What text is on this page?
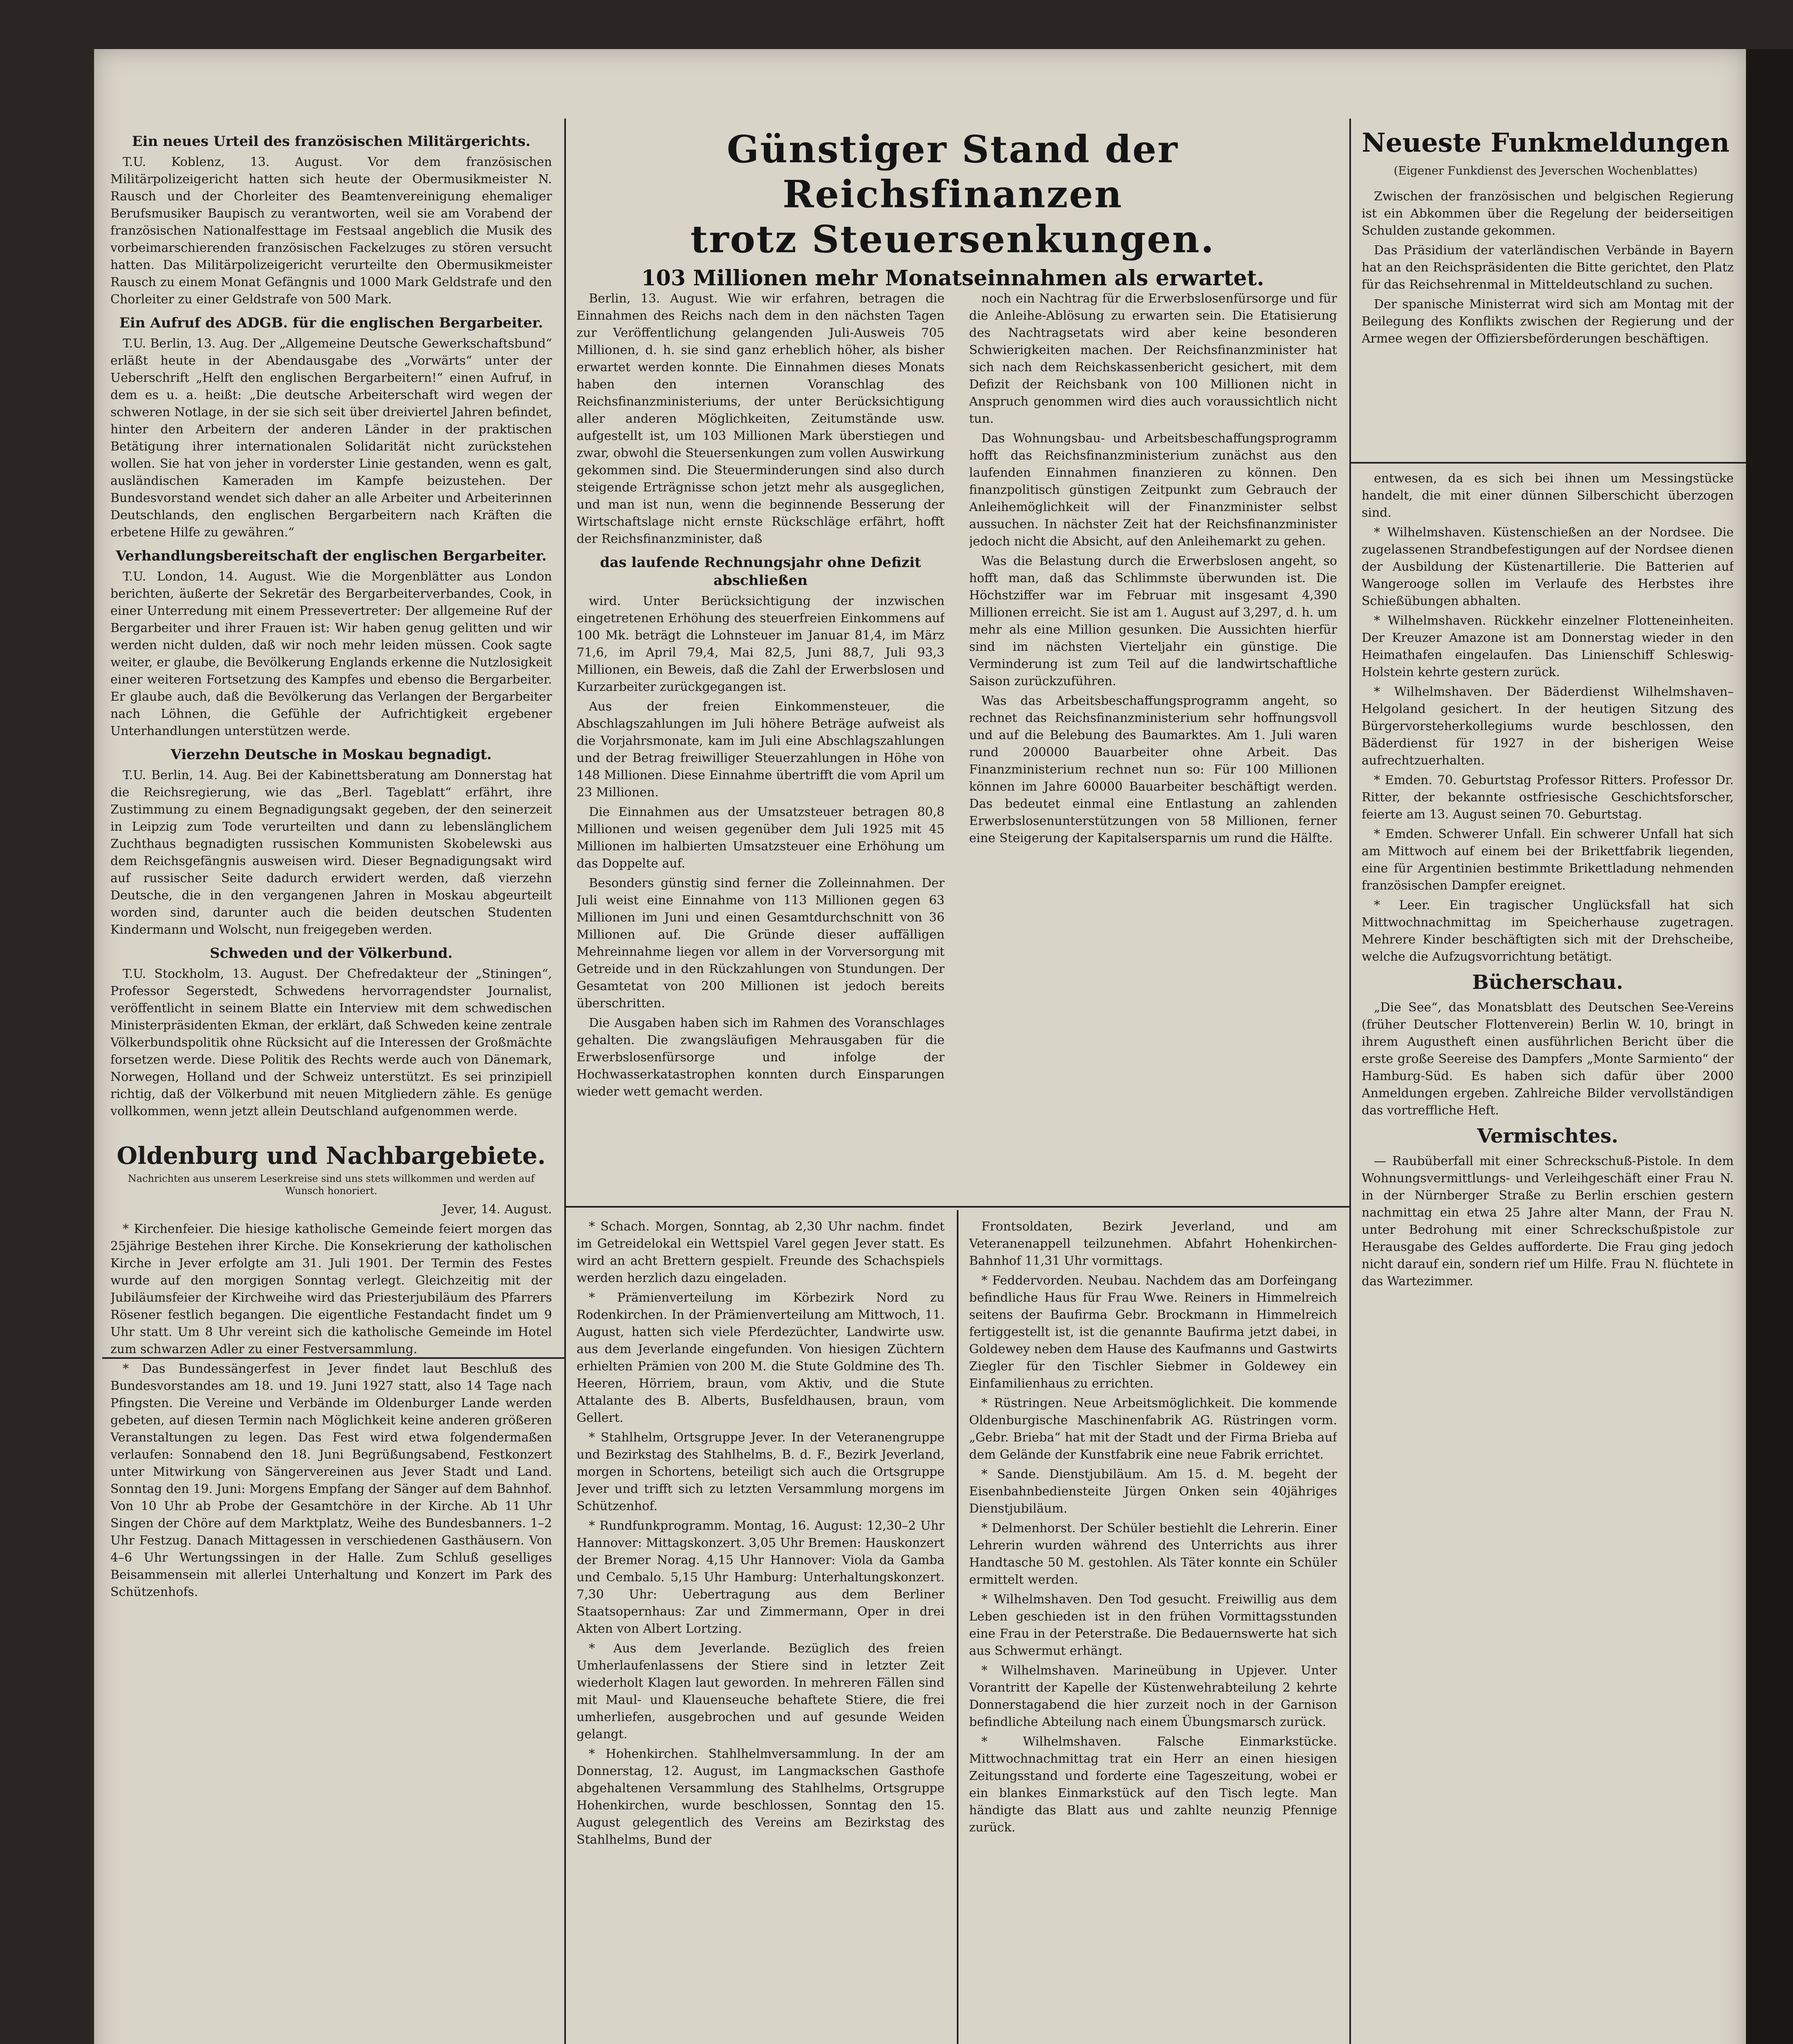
Ein neues Urteil des französischen Militärgerichts.

T.U. Koblenz, 13. August. Vor dem französischen Militärpolizeigericht hatten sich heute der Obermusikmeister N. Rausch und der Chorleiter des Beamtenvereinigung ehemaliger Berufsmusiker Baupisch zu verantworten, weil sie am Vorabend der französischen Nationalfesttage im Festsaal angeblich die Musik des vorbeimarschierenden französischen Fackelzuges zu stören versucht hatten. Das Militärpolizeigericht verurteilte den Obermusikmeister Rausch zu einem Monat Gefängnis und 1000 Mark Geldstrafe und den Chorleiter zu einer Geldstrafe von 500 Mark.

Ein Aufruf des ADGB. für die englischen Bergarbeiter.

T.U. Berlin, 13. Aug. Der „Allgemeine Deutsche Gewerkschaftsbund“ erläßt heute in der Abendausgabe des „Vorwärts“ unter der Ueberschrift „Helft den englischen Bergarbeitern!“ einen Aufruf, in dem es u. a. heißt: „Die deutsche Arbeiterschaft wird wegen der schweren Notlage, in der sie sich seit über dreiviertel Jahren befindet, hinter den Arbeitern der anderen Länder in der praktischen Betätigung ihrer internationalen Solidarität nicht zurückstehen wollen. Sie hat von jeher in vorderster Linie gestanden, wenn es galt, ausländischen Kameraden im Kampfe beizustehen. Der Bundesvorstand wendet sich daher an alle Arbeiter und Arbeiterinnen Deutschlands, den englischen Bergarbeitern nach Kräften die erbetene Hilfe zu gewähren.“

Verhandlungsbereitschaft der englischen Bergarbeiter.

T.U. London, 14. August. Wie die Morgenblätter aus London berichten, äußerte der Sekretär des Bergarbeiterverbandes, Cook, in einer Unterredung mit einem Pressevertreter: Der allgemeine Ruf der Bergarbeiter und ihrer Frauen ist: Wir haben genug gelitten und wir werden nicht dulden, daß wir noch mehr leiden müssen. Cook sagte weiter, er glaube, die Bevölkerung Englands erkenne die Nutzlosigkeit einer weiteren Fortsetzung des Kampfes und ebenso die Bergarbeiter. Er glaube auch, daß die Bevölkerung das Verlangen der Bergarbeiter nach Löhnen, die Gefühle der Aufrichtigkeit ergebener Unterhandlungen unterstützen werde.

Vierzehn Deutsche in Moskau begnadigt.

T.U. Berlin, 14. Aug. Bei der Kabinettsberatung am Donnerstag hat die Reichsregierung, wie das „Berl. Tageblatt“ erfährt, ihre Zustimmung zu einem Begnadigungsakt gegeben, der den seinerzeit in Leipzig zum Tode verurteilten und dann zu lebenslänglichem Zuchthaus begnadigten russischen Kommunisten Skobelewski aus dem Reichsgefängnis ausweisen wird. Dieser Begnadigungsakt wird auf russischer Seite dadurch erwidert werden, daß vierzehn Deutsche, die in den vergangenen Jahren in Moskau abgeurteilt worden sind, darunter auch die beiden deutschen Studenten Kindermann und Wolscht, nun freigegeben werden.

Schweden und der Völkerbund.

T.U. Stockholm, 13. August. Der Chefredakteur der „Stiningen“, Professor Segerstedt, Schwedens hervorragendster Journalist, veröffentlicht in seinem Blatte ein Interview mit dem schwedischen Ministerpräsidenten Ekman, der erklärt, daß Schweden keine zentrale Völkerbundspolitik ohne Rücksicht auf die Interessen der Großmächte forsetzen werde. Diese Politik des Rechts werde auch von Dänemark, Norwegen, Holland und der Schweiz unterstützt. Es sei prinzipiell richtig, daß der Völkerbund mit neuen Mitgliedern zähle. Es genüge vollkommen, wenn jetzt allein Deutschland aufgenommen werde.

Oldenburg und Nachbargebiete.

Nachrichten aus unserem Leserkreise sind uns stets willkommen und werden auf Wunsch honoriert.

Jever, 14. August.

* Kirchenfeier. Die hiesige katholische Gemeinde feiert morgen das 25jährige Bestehen ihrer Kirche. Die Konsekrierung der katholischen Kirche in Jever erfolgte am 31. Juli 1901. Der Termin des Festes wurde auf den morgigen Sonntag verlegt. Gleichzeitig mit der Jubiläumsfeier der Kirchweihe wird das Priesterjubiläum des Pfarrers Rösener festlich begangen. Die eigentliche Festandacht findet um 9 Uhr statt. Um 8 Uhr vereint sich die katholische Gemeinde im Hotel zum schwarzen Adler zu einer Festversammlung.

* Das Bundessängerfest in Jever findet laut Beschluß des Bundesvorstandes am 18. und 19. Juni 1927 statt, also 14 Tage nach Pfingsten. Die Vereine und Verbände im Oldenburger Lande werden gebeten, auf diesen Termin nach Möglichkeit keine anderen größeren Veranstaltungen zu legen. Das Fest wird etwa folgendermaßen verlaufen: Sonnabend den 18. Juni Begrüßungsabend, Festkonzert unter Mitwirkung von Sängervereinen aus Jever Stadt und Land. Sonntag den 19. Juni: Morgens Empfang der Sänger auf dem Bahnhof. Von 10 Uhr ab Probe der Gesamtchöre in der Kirche. Ab 11 Uhr Singen der Chöre auf dem Marktplatz, Weihe des Bundesbanners. 1–2 Uhr Festzug. Danach Mittagessen in verschiedenen Gasthäusern. Von 4–6 Uhr Wertungssingen in der Halle. Zum Schluß geselliges Beisammensein mit allerlei Unterhaltung und Konzert im Park des Schützenhofs.

Günstiger Stand der Reichsfinanzen
trotz Steuersenkungen.
103 Millionen mehr Monatseinnahmen als erwartet.

Berlin, 13. August. Wie wir erfahren, betragen die Einnahmen des Reichs nach dem in den nächsten Tagen zur Veröffentlichung gelangenden Juli-Ausweis 705 Millionen, d. h. sie sind ganz erheblich höher, als bisher erwartet werden konnte. Die Einnahmen dieses Monats haben den internen Voranschlag des Reichsfinanzministeriums, der unter Berücksichtigung aller anderen Möglichkeiten, Zeitumstände usw. aufgestellt ist, um 103 Millionen Mark überstiegen und zwar, obwohl die Steuersenkungen zum vollen Auswirkung gekommen sind. Die Steuerminderungen sind also durch steigende Erträgnisse schon jetzt mehr als ausgeglichen, und man ist nun, wenn die beginnende Besserung der Wirtschaftslage nicht ernste Rückschläge erfährt, hofft der Reichsfinanzminister, daß

das laufende Rechnungsjahr ohne Defizit abschließen

wird. Unter Berücksichtigung der inzwischen eingetretenen Erhöhung des steuerfreien Einkommens auf 100 Mk. beträgt die Lohnsteuer im Januar 81,4, im März 71,6, im April 79,4, Mai 82,5, Juni 88,7, Juli 93,3 Millionen, ein Beweis, daß die Zahl der Erwerbslosen und Kurzarbeiter zurückgegangen ist.

Aus der freien Einkommensteuer, die Abschlagszahlungen im Juli höhere Beträge aufweist als die Vorjahrsmonate, kam im Juli eine Abschlagszahlungen und der Betrag freiwilliger Steuerzahlungen in Höhe von 148 Millionen. Diese Einnahme übertrifft die vom April um 23 Millionen.

Die Einnahmen aus der Umsatzsteuer betragen 80,8 Millionen und weisen gegenüber dem Juli 1925 mit 45 Millionen im halbierten Umsatzsteuer eine Erhöhung um das Doppelte auf.

Besonders günstig sind ferner die Zolleinnahmen. Der Juli weist eine Einnahme von 113 Millionen gegen 63 Millionen im Juni und einen Gesamtdurchschnitt von 36 Millionen auf. Die Gründe dieser auffälligen Mehreinnahme liegen vor allem in der Vorversorgung mit Getreide und in den Rückzahlungen von Stundungen. Der Gesamtetat von 200 Millionen ist jedoch bereits überschritten.

Die Ausgaben haben sich im Rahmen des Voranschlages gehalten. Die zwangsläufigen Mehrausgaben für die Erwerbslosenfürsorge und infolge der Hochwasserkatastrophen konnten durch Einsparungen wieder wett gemacht werden.

noch ein Nachtrag für die Erwerbslosenfürsorge und für die Anleihe-Ablösung zu erwarten sein. Die Etatisierung des Nachtragsetats wird aber keine besonderen Schwierigkeiten machen. Der Reichsfinanzminister hat sich nach dem Reichskassenbericht gesichert, mit dem Defizit der Reichsbank von 100 Millionen nicht in Anspruch genommen wird dies auch voraussichtlich nicht tun.

Das Wohnungsbau- und Arbeitsbeschaffungsprogramm hofft das Reichsfinanzministerium zunächst aus den laufenden Einnahmen finanzieren zu können. Den finanzpolitisch günstigen Zeitpunkt zum Gebrauch der Anleihemöglichkeit will der Finanzminister selbst aussuchen. In nächster Zeit hat der Reichsfinanzminister jedoch nicht die Absicht, auf den Anleihemarkt zu gehen.

Was die Belastung durch die Erwerbslosen angeht, so hofft man, daß das Schlimmste überwunden ist. Die Höchstziffer war im Februar mit insgesamt 4,390 Millionen erreicht. Sie ist am 1. August auf 3,297, d. h. um mehr als eine Million gesunken. Die Aussichten hierfür sind im nächsten Vierteljahr ein günstige. Die Verminderung ist zum Teil auf die landwirtschaftliche Saison zurückzuführen.

Was das Arbeitsbeschaffungsprogramm angeht, so rechnet das Reichsfinanzministerium sehr hoffnungsvoll und auf die Belebung des Baumarktes. Am 1. Juli waren rund 200000 Bauarbeiter ohne Arbeit. Das Finanzministerium rechnet nun so: Für 100 Millionen können im Jahre 60000 Bauarbeiter beschäftigt werden. Das bedeutet einmal eine Entlastung an zahlenden Erwerbslosenunterstützungen von 58 Millionen, ferner eine Steigerung der Kapitalsersparnis um rund die Hälfte.

* Schach. Morgen, Sonntag, ab 2,30 Uhr nachm. findet im Getreidelokal ein Wettspiel Varel gegen Jever statt. Es wird an acht Brettern gespielt. Freunde des Schachspiels werden herzlich dazu eingeladen.

* Prämienverteilung im Körbezirk Nord zu Rodenkirchen. In der Prämienverteilung am Mittwoch, 11. August, hatten sich viele Pferdezüchter, Landwirte usw. aus dem Jeverlande eingefunden. Von hiesigen Züchtern erhielten Prämien von 200 M. die Stute Goldmine des Th. Heeren, Hörriem, braun, vom Aktiv, und die Stute Attalante des B. Alberts, Busfeldhausen, braun, vom Gellert.

* Stahlhelm, Ortsgruppe Jever. In der Veteranengruppe und Bezirkstag des Stahlhelms, B. d. F., Bezirk Jeverland, morgen in Schortens, beteiligt sich auch die Ortsgruppe Jever und trifft sich zu letzten Versammlung morgens im Schützenhof.

* Rundfunkprogramm. Montag, 16. August: 12,30–2 Uhr Hannover: Mittagskonzert. 3,05 Uhr Bremen: Hauskonzert der Bremer Norag. 4,15 Uhr Hannover: Viola da Gamba und Cembalo. 5,15 Uhr Hamburg: Unterhaltungskonzert. 7,30 Uhr: Uebertragung aus dem Berliner Staatsopernhaus: Zar und Zimmermann, Oper in drei Akten von Albert Lortzing.

* Aus dem Jeverlande. Bezüglich des freien Umherlaufenlassens der Stiere sind in letzter Zeit wiederholt Klagen laut geworden. In mehreren Fällen sind mit Maul- und Klauenseuche behaftete Stiere, die frei umherliefen, ausgebrochen und auf gesunde Weiden gelangt.

* Hohenkirchen. Stahlhelmversammlung. In der am Donnerstag, 12. August, im Langmackschen Gasthofe abgehaltenen Versammlung des Stahlhelms, Ortsgruppe Hohenkirchen, wurde beschlossen, Sonntag den 15. August gelegentlich des Vereins am Bezirkstag des Stahlhelms, Bund der

Frontsoldaten, Bezirk Jeverland, und am Veteranenappell teilzunehmen. Abfahrt Hohenkirchen-Bahnhof 11,31 Uhr vormittags.

* Feddervorden. Neubau. Nachdem das am Dorfeingang befindliche Haus für Frau Wwe. Reiners in Himmelreich seitens der Baufirma Gebr. Brockmann in Himmelreich fertiggestellt ist, ist die genannte Baufirma jetzt dabei, in Goldewey neben dem Hause des Kaufmanns und Gastwirts Ziegler für den Tischler Siebmer in Goldewey ein Einfamilienhaus zu errichten.

* Rüstringen. Neue Arbeitsmöglichkeit. Die kommende Oldenburgische Maschinenfabrik AG. Rüstringen vorm. „Gebr. Brieba“ hat mit der Stadt und der Firma Brieba auf dem Gelände der Kunstfabrik eine neue Fabrik errichtet.

* Sande. Dienstjubiläum. Am 15. d. M. begeht der Eisenbahnbediensteite Jürgen Onken sein 40jähriges Dienstjubiläum.

* Delmenhorst. Der Schüler bestiehlt die Lehrerin. Einer Lehrerin wurden während des Unterrichts aus ihrer Handtasche 50 M. gestohlen. Als Täter konnte ein Schüler ermittelt werden.

* Wilhelmshaven. Den Tod gesucht. Freiwillig aus dem Leben geschieden ist in den frühen Vormittagsstunden eine Frau in der Peterstraße. Die Bedauernswerte hat sich aus Schwermut erhängt.

* Wilhelmshaven. Marineübung in Upjever. Unter Vorantritt der Kapelle der Küstenwehrabteilung 2 kehrte Donnerstagabend die hier zurzeit noch in der Garnison befindliche Abteilung nach einem Übungsmarsch zurück.

* Wilhelmshaven. Falsche Einmarkstücke. Mittwochnachmittag trat ein Herr an einen hiesigen Zeitungsstand und forderte eine Tageszeitung, wobei er ein blankes Einmarkstück auf den Tisch legte. Man händigte das Blatt aus und zahlte neunzig Pfennige zurück.

Neueste Funkmeldungen
(Eigener Funkdienst des Jeverschen Wochenblattes)

Zwischen der französischen und belgischen Regierung ist ein Abkommen über die Regelung der beiderseitigen Schulden zustande gekommen.

Das Präsidium der vaterländischen Verbände in Bayern hat an den Reichspräsidenten die Bitte gerichtet, den Platz für das Reichsehrenmal in Mitteldeutschland zu suchen.

Der spanische Ministerrat wird sich am Montag mit der Beilegung des Konflikts zwischen der Regierung und der Armee wegen der Offiziersbeförderungen beschäftigen.

entwesen, da es sich bei ihnen um Messingstücke handelt, die mit einer dünnen Silberschicht überzogen sind.

* Wilhelmshaven. Küstenschießen an der Nordsee. Die zugelassenen Strandbefestigungen auf der Nordsee dienen der Ausbildung der Küstenartillerie. Die Batterien auf Wangerooge sollen im Verlaufe des Herbstes ihre Schießübungen abhalten.

* Wilhelmshaven. Rückkehr einzelner Flotteneinheiten. Der Kreuzer Amazone ist am Donnerstag wieder in den Heimathafen eingelaufen. Das Linienschiff Schleswig-Holstein kehrte gestern zurück.

* Wilhelmshaven. Der Bäderdienst Wilhelmshaven–Helgoland gesichert. In der heutigen Sitzung des Bürgervorsteherkollegiums wurde beschlossen, den Bäderdienst für 1927 in der bisherigen Weise aufrechtzuerhalten.

* Emden. 70. Geburtstag Professor Ritters. Professor Dr. Ritter, der bekannte ostfriesische Geschichtsforscher, feierte am 13. August seinen 70. Geburtstag.

* Emden. Schwerer Unfall. Ein schwerer Unfall hat sich am Mittwoch auf einem bei der Brikettfabrik liegenden, eine für Argentinien bestimmte Brikettladung nehmenden französischen Dampfer ereignet.

* Leer. Ein tragischer Unglücksfall hat sich Mittwochnachmittag im Speicherhause zugetragen. Mehrere Kinder beschäftigten sich mit der Drehscheibe, welche die Aufzugsvorrichtung betätigt.

Bücherschau.

„Die See“, das Monatsblatt des Deutschen See-Vereins (früher Deutscher Flottenverein) Berlin W. 10, bringt in ihrem Augustheft einen ausführlichen Bericht über die erste große Seereise des Dampfers „Monte Sarmiento“ der Hamburg-Süd. Es haben sich dafür über 2000 Anmeldungen ergeben. Zahlreiche Bilder vervollständigen das vortreffliche Heft.

Vermischtes.

— Raubüberfall mit einer Schreckschuß-Pistole. In dem Wohnungsvermittlungs- und Verleihgeschäft einer Frau N. in der Nürnberger Straße zu Berlin erschien gestern nachmittag ein etwa 25 Jahre alter Mann, der Frau N. unter Bedrohung mit einer Schreckschußpistole zur Herausgabe des Geldes aufforderte. Die Frau ging jedoch nicht darauf ein, sondern rief um Hilfe. Frau N. flüchtete in das Wartezimmer.
